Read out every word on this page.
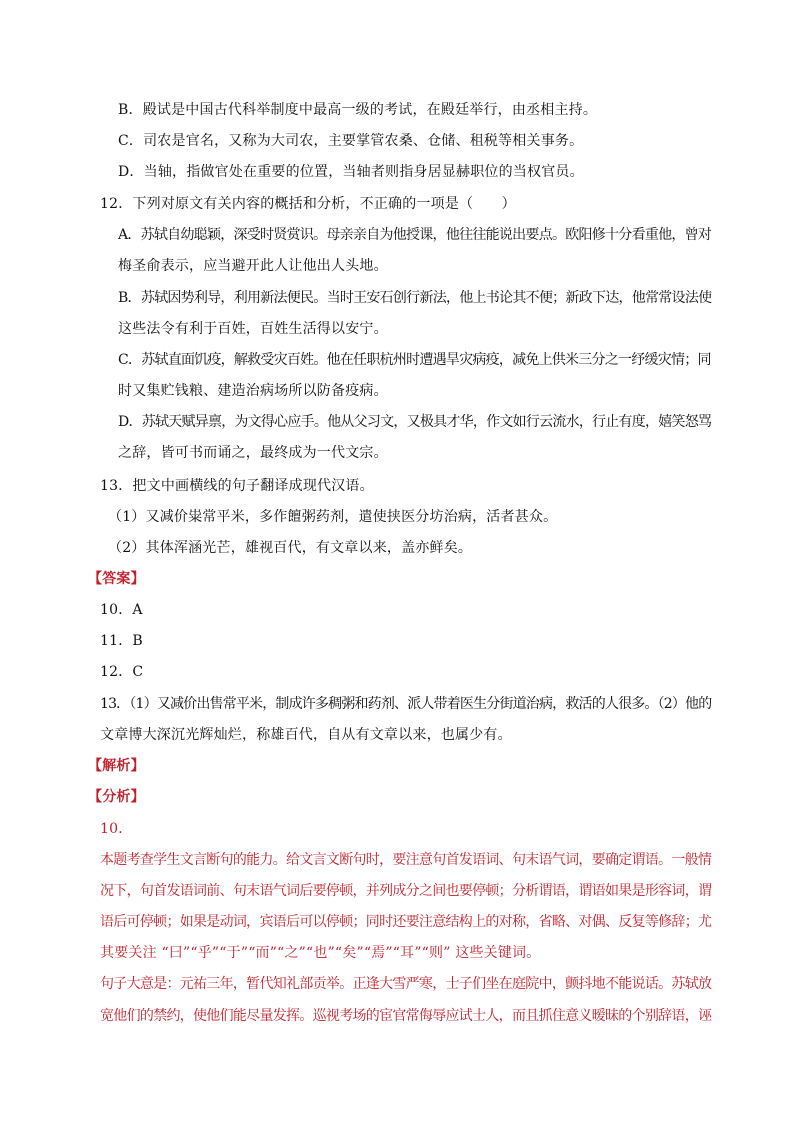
B．殿试是中国古代科举制度中最高一级的考试，在殿廷举行，由丞相主持。
C．司农是官名，又称为大司农，主要掌管农桑、仓储、租税等相关事务。
D．当轴，指做官处在重要的位置，当轴者则指身居显赫职位的当权官员。
12．下列对原文有关内容的概括和分析，不正确的一项是（　　）
A．苏轼自幼聪颖，深受时贤赏识。母亲亲自为他授课，他往往能说出要点。欧阳修十分看重他，曾对
梅圣俞表示，应当避开此人让他出人头地。
B．苏轼因势利导，利用新法便民。当时王安石创行新法，他上书论其不便；新政下达，他常常设法使
这些法令有利于百姓，百姓生活得以安宁。
C．苏轼直面饥疫，解救受灾百姓。他在任职杭州时遭遇旱灾病疫，减免上供米三分之一纾缓灾情；同
时又集贮钱粮、建造治病场所以防备疫病。
D．苏轼天赋异禀，为文得心应手。他从父习文，又极具才华，作文如行云流水，行止有度，嬉笑怒骂
之辞，皆可书而诵之，最终成为一代文宗。
13．把文中画横线的句子翻译成现代汉语。
（1）又减价粜常平米，多作饘粥药剂，遣使挟医分坊治病，活者甚众。
（2）其体浑涵光芒，雄视百代，有文章以来，盖亦鲜矣。
【答案】
10．A
11．B
12．C
13．（1）又减价出售常平米，制成许多稠粥和药剂、派人带着医生分街道治病，救活的人很多。（2）他的
文章博大深沉光辉灿烂，称雄百代，自从有文章以来，也属少有。
【解析】
【分析】
10．
本题考查学生文言断句的能力。给文言文断句时，要注意句首发语词、句末语气词，要确定谓语。一般情
况下，句首发语词前、句末语气词后要停顿，并列成分之间也要停顿；分析谓语，谓语如果是形容词，谓
语后可停顿；如果是动词，宾语后可以停顿；同时还要注意结构上的对称，省略、对偶、反复等修辞；尤
其要关注 “曰”“乎”“于”“而”“之”“也”“矣”“焉”“耳”“则” 这些关键词。
句子大意是：元祐三年，暂代知礼部贡举。正逢大雪严寒，士子们坐在庭院中，颤抖地不能说话。苏轼放
宽他们的禁约，使他们能尽量发挥。巡视考场的宦官常侮辱应试士人，而且抓住意义暧昧的个别辞语，诬
